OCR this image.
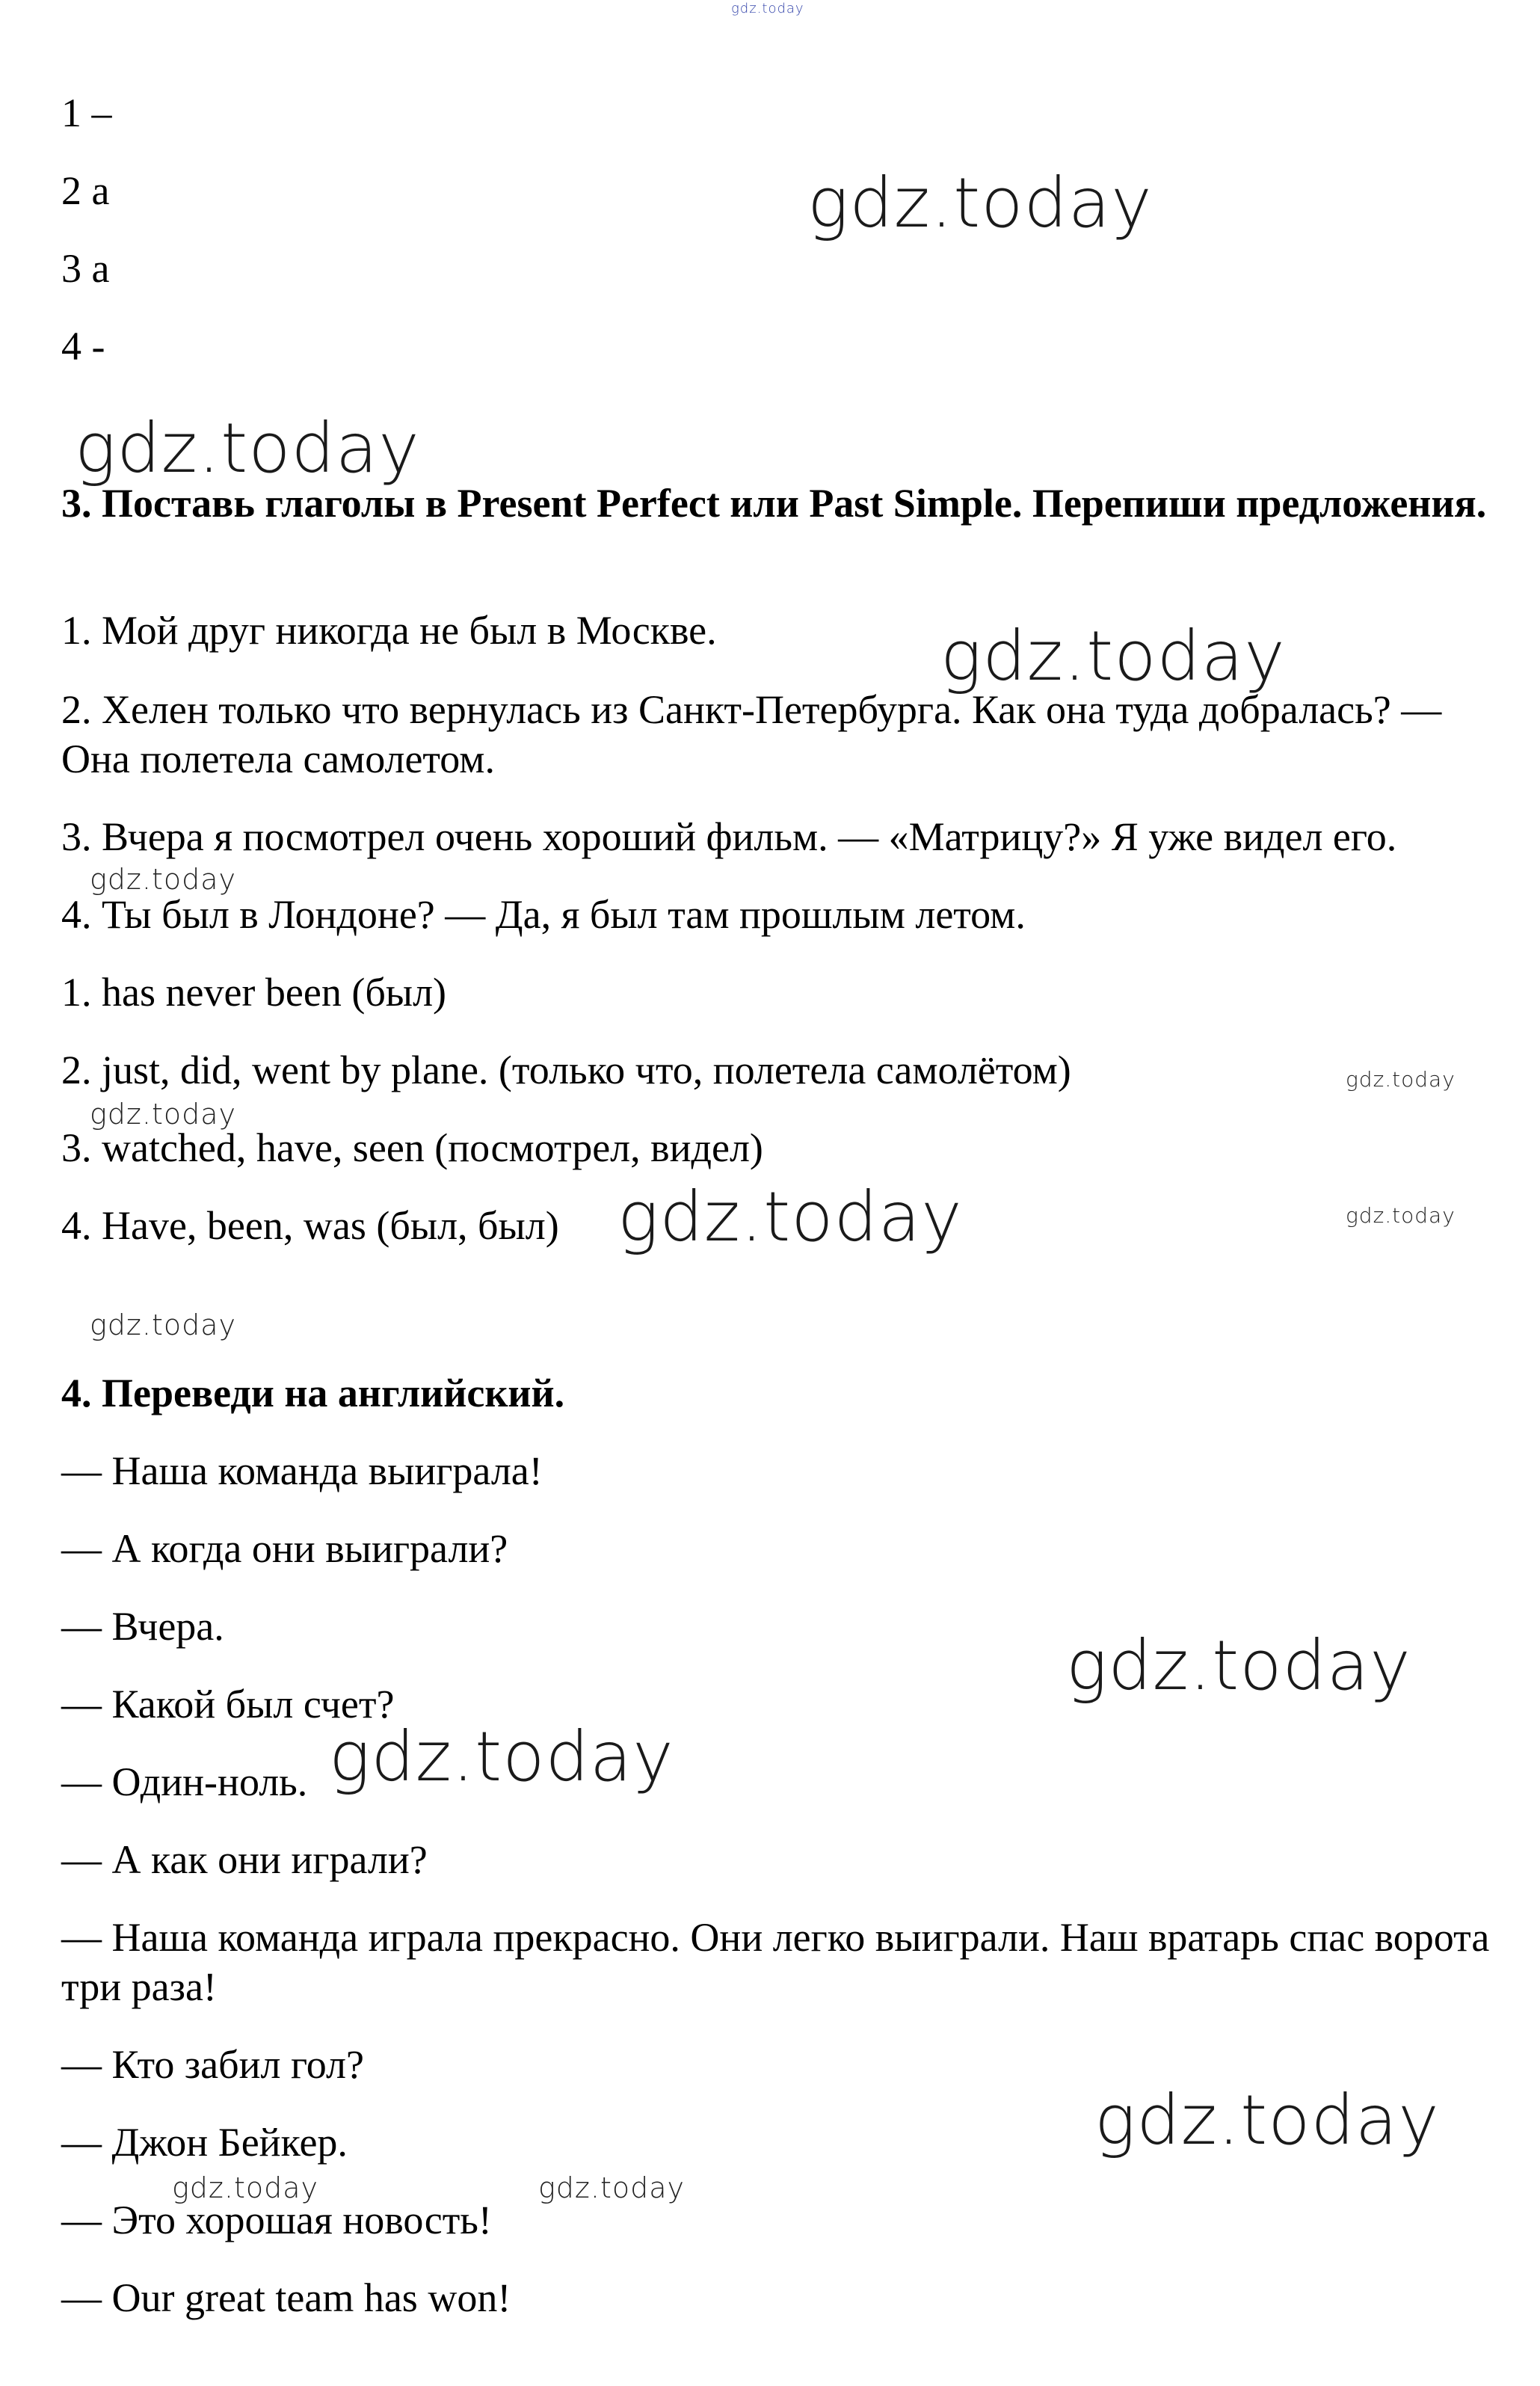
gdz.today
1 –
2 a
3 a
4 -
gdz.today
gdz.today
3. Поставь глаголы в Present Perfect или Past Simple. Перепиши предложения.
1. Мой друг никогда не был в Москве.	gdz.today
2. Хелен только что вернулась из Санкт-Петербурга. Как она туда добралась? — Она полетела самолетом.
3. Вчера я посмотрел очень хороший фильм. — «Матрицу?» Я уже видел его.
gdz.today
4. Ты был в Лондоне? — Да, я был там прошлым летом.
1. has never been (был)
2. just, did, went by plane. (только что, полетела самолётом)	gdz.today
gdz.today
3. watched, have, seen (посмотрел, видел)
4. Have, been, was (был, был) gdz.today	gdz.today
gdz.today
4. Переведи на английский.
— Наша команда выиграла!
— А когда они выиграли?
— Вчера.	gdz.today
— Какой был счет?
— Один-ноль. gdz.today
— А как они играли?
— Наша команда играла прекрасно. Они легко выиграли. Наш вратарь спас ворота три раза!
— Кто забил гол?
gdz.today
— Джон Бейкер.
gdz.today	gdz.today
— Это хорошая новость!
— Our great team has won!
